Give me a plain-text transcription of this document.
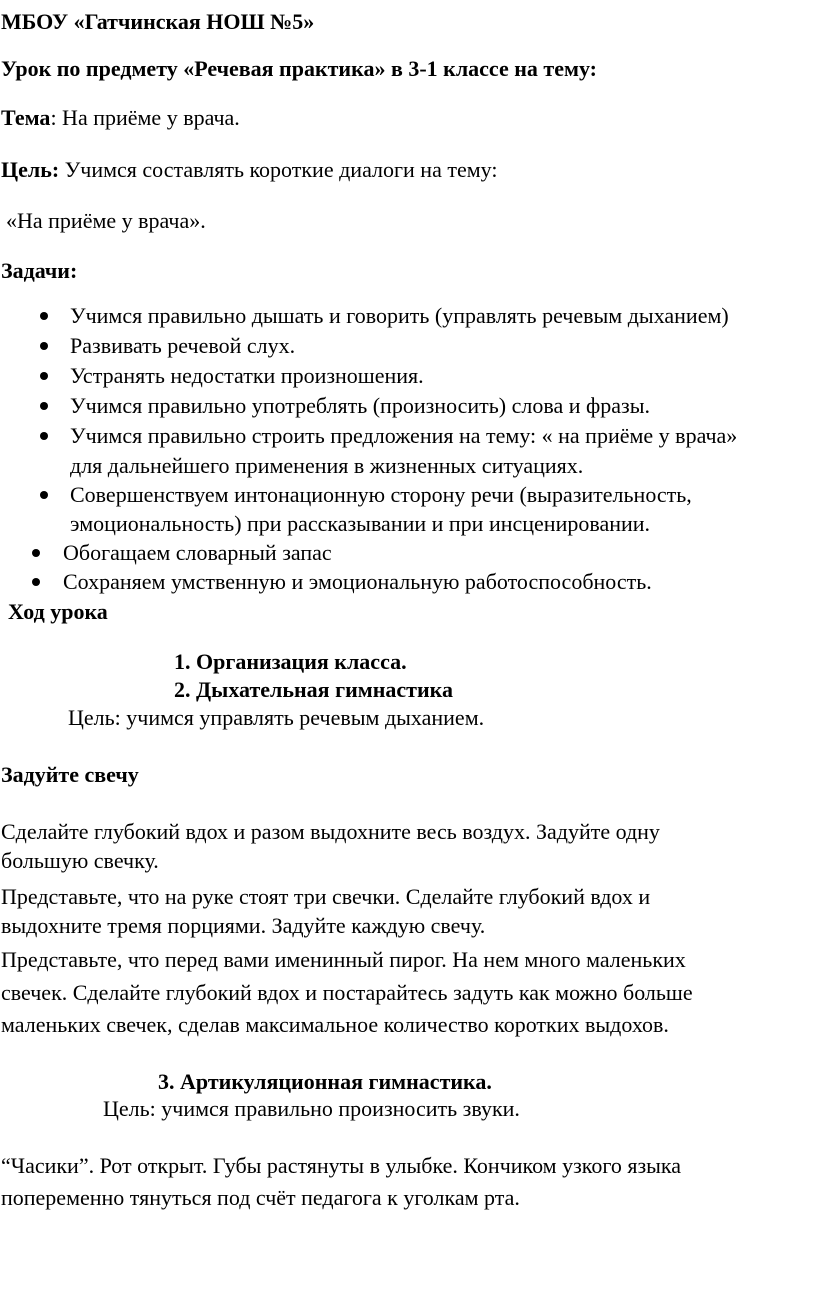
МБОУ «Гатчинская НОШ №5»
Урок по предмету «Речевая практика» в 3-1 классе на тему:
Тема: На приёме у врача.
Цель: Учимся составлять короткие диалоги на тему:
«На приёме у врача».
Задачи:
Учимся правильно дышать и говорить (управлять речевым дыханием)
Развивать речевой слух.
Устранять недостатки произношения.
Учимся правильно употреблять (произносить) слова и фразы.
Учимся правильно строить предложения на тему: « на приёме у врача»
для дальнейшего применения в жизненных ситуациях.
Совершенствуем интонационную сторону речи (выразительность,
эмоциональность) при рассказывании и при инсценировании.
Обогащаем словарный запас
Сохраняем умственную и эмоциональную работоспособность.
Ход урока
1. Организация класса.
2. Дыхательная гимнастика
Цель: учимся управлять речевым дыханием.
Задуйте свечу
Сделайте глубокий вдох и разом выдохните весь воздух. Задуйте одну
большую свечку.
Представьте, что на руке стоят три свечки. Сделайте глубокий вдох и
выдохните тремя порциями. Задуйте каждую свечу.
Представьте, что перед вами именинный пирог. На нем много маленьких
свечек. Сделайте глубокий вдох и постарайтесь задуть как можно больше
маленьких свечек, сделав максимальное количество коротких выдохов.
3. Артикуляционная гимнастика.
Цель: учимся правильно произносить звуки.
“Часики”. Рот открыт. Губы растянуты в улыбке. Кончиком узкого языка
попеременно тянуться под счёт педагога к уголкам рта.
